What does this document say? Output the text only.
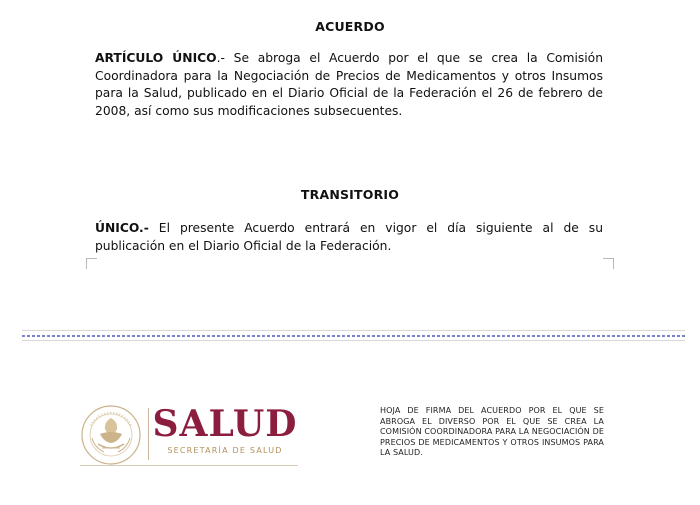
ACUERDO
ARTÍCULO ÚNICO.- Se abroga el Acuerdo por el que se crea la Comisión Coordinadora para la Negociación de Precios de Medicamentos y otros Insumos para la Salud, publicado en el Diario Oficial de la Federación el 26 de febrero de 2008, así como sus modificaciones subsecuentes.
TRANSITORIO
ÚNICO.- El presente Acuerdo entrará en vigor el día siguiente al de su publicación en el Diario Oficial de la Federación.
SALUD
SECRETARÍA DE SALUD
HOJA DE FIRMA DEL ACUERDO POR EL QUE SE ABROGA EL DIVERSO POR EL QUE SE CREA LA COMISIÓN COORDINADORA PARA LA NEGOCIACIÓN DE PRECIOS DE MEDICAMENTOS Y OTROS INSUMOS PARA LA SALUD.
